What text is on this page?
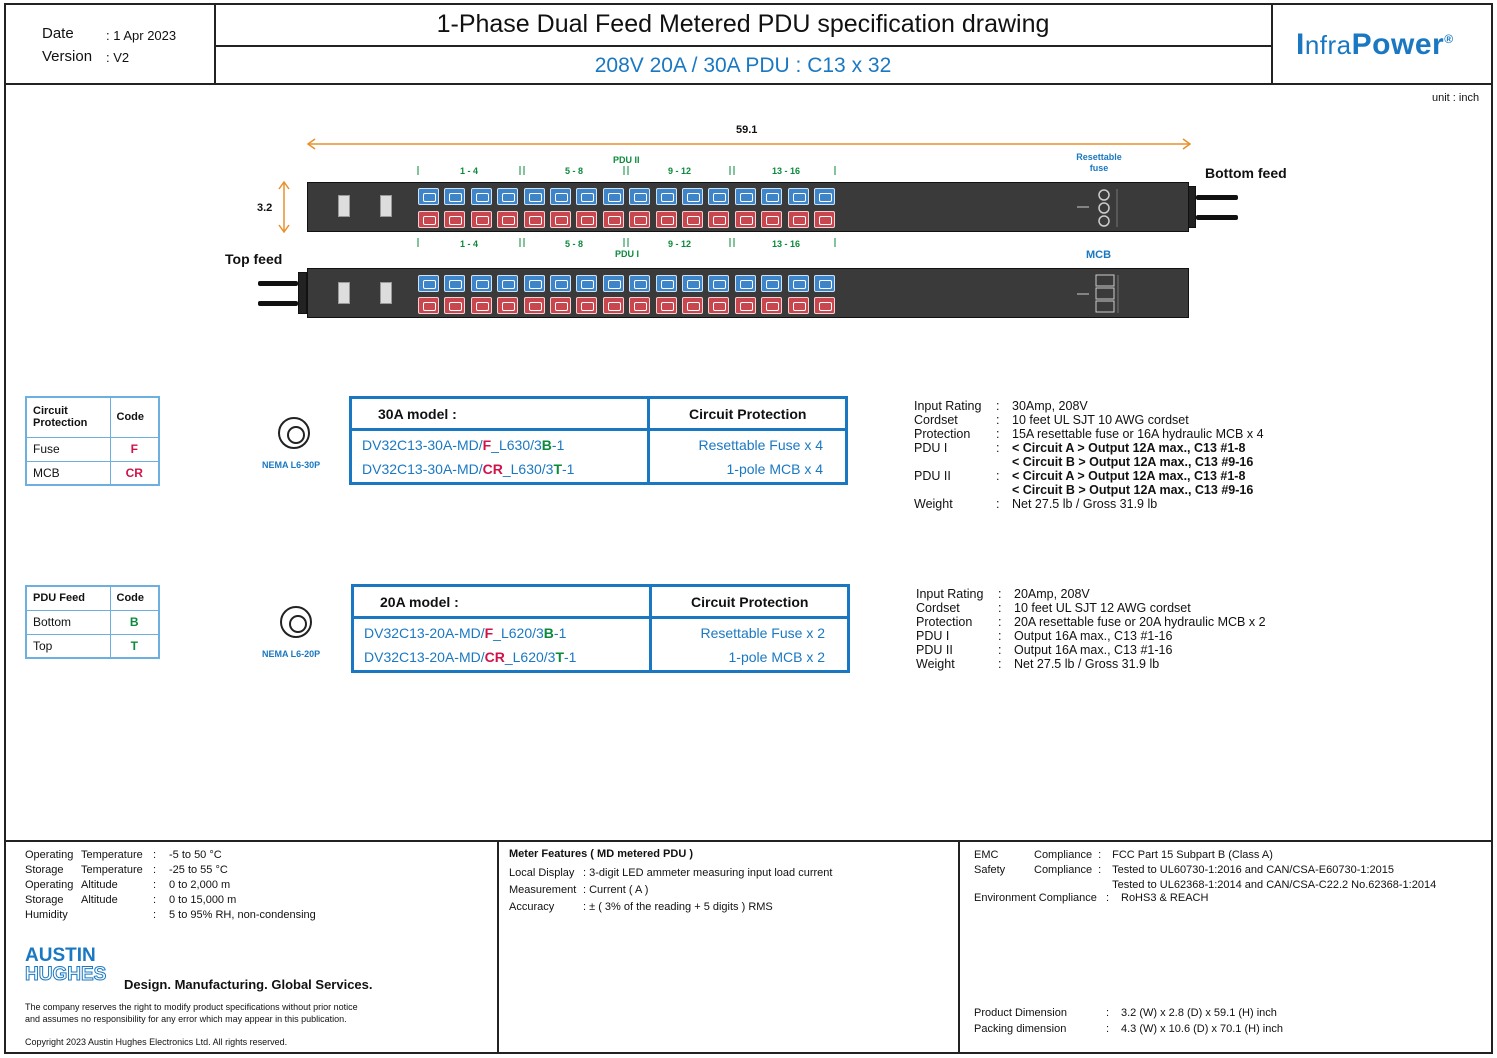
Date : 1 Apr 2023
Version : V2
1-Phase Dual Feed Metered PDU specification drawing
208V 20A / 30A PDU : C13 x 32
InfraPower®
unit : inch
59.1
3.2
PDU II
1 - 4	5 - 8	9 - 12	13 - 16
Resettable fuse	Bottom feed
1 - 4	5 - 8	9 - 12	13 - 16
PDU I	MCB
Top feed
Circuit Protection	Code
Fuse	F
MCB	CR
PDU Feed	Code
Bottom	B
Top	T
NEMA L6-30P
30A model :	Circuit Protection
DV32C13-30A-MD/F_L630/3B-1	Resettable Fuse x 4
DV32C13-30A-MD/CR_L630/3T-1	1-pole MCB x 4
Input Rating	:	30Amp, 208V
Cordset	:	10 feet UL SJT 10 AWG cordset
Protection	:	15A resettable fuse or 16A hydraulic MCB x 4
PDU I	:	< Circuit A > Output 12A max., C13 #1-8
		< Circuit B > Output 12A max., C13 #9-16
PDU II	:	< Circuit A > Output 12A max., C13 #1-8
		< Circuit B > Output 12A max., C13 #9-16
Weight	:	Net 27.5 lb / Gross 31.9 lb
NEMA L6-20P
20A model :	Circuit Protection
DV32C13-20A-MD/F_L620/3B-1	Resettable Fuse x 2
DV32C13-20A-MD/CR_L620/3T-1	1-pole MCB x 2
Input Rating	:	20Amp, 208V
Cordset	:	10 feet UL SJT 12 AWG cordset
Protection	:	20A resettable fuse or 20A hydraulic MCB x 2
PDU I	:	Output 16A max., C13 #1-16
PDU II	:	Output 16A max., C13 #1-16
Weight	:	Net 27.5 lb / Gross 31.9 lb
Operating	Temperature	:	-5 to 50 °C
Storage	Temperature	:	-25 to 55 °C
Operating	Altitude	:	0 to 2,000 m
Storage	Altitude	:	0 to 15,000 m
Humidity		:	5 to 95% RH, non-condensing
AUSTIN
HUGHES Design. Manufacturing. Global Services.
The company reserves the right to modify product specifications without prior notice
and assumes no responsibility for any error which may appear in this publication.
Copyright 2023 Austin Hughes Electronics Ltd. All rights reserved.
Meter Features ( MD metered PDU )
Local Display	: 3-digit LED ammeter measuring input load current
Measurement	: Current ( A )
Accuracy	: ± ( 3% of the reading + 5 digits ) RMS
EMC	Compliance	:	FCC Part 15 Subpart B (Class A)
Safety	Compliance	:	Tested to UL60730-1:2016 and CAN/CSA-E60730-1:2015
			Tested to UL62368-1:2014 and CAN/CSA-C22.2 No.62368-1:2014
Environment Compliance : RoHS3 & REACH
Product Dimension	: 3.2 (W) x 2.8 (D) x 59.1 (H) inch
Packing dimension	: 4.3 (W) x 10.6 (D) x 70.1 (H) inch
